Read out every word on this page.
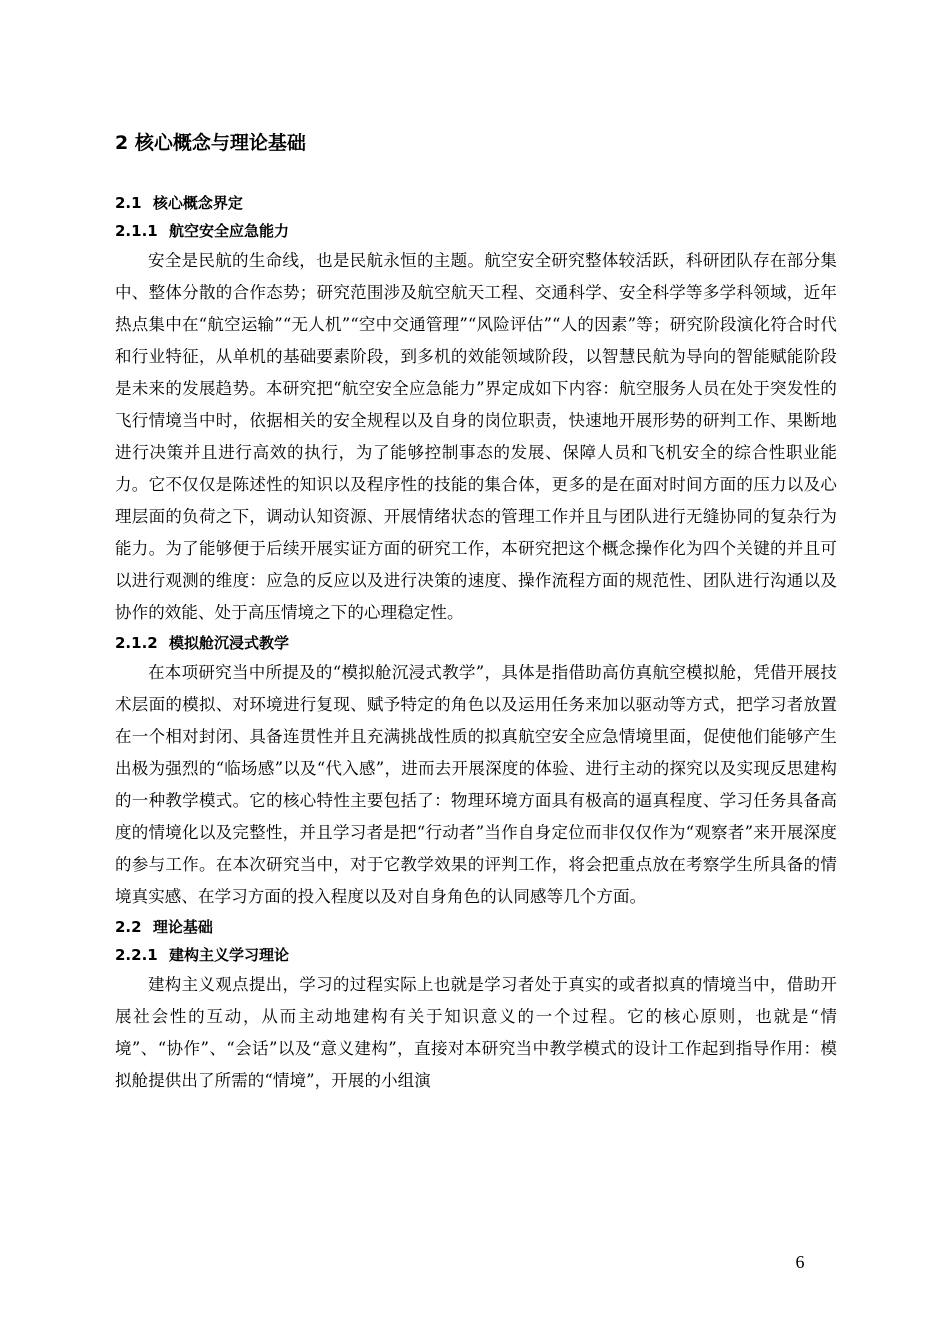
2 核心概念与理论基础
2.1 核心概念界定
2.1.1 航空安全应急能力

安全是民航的生命线，也是民航永恒的主题。航空安全研究整体较活跃，科研团队存在部分集中、整体分散的合作态势；研究范围涉及航空航天工程、交通科学、安全科学等多学科领域，近年热点集中在“航空运输”“无人机”“空中交通管理”“风险评估”“人的因素”等；研究阶段演化符合时代和行业特征，从单机的基础要素阶段，到多机的效能领域阶段，以智慧民航为导向的智能赋能阶段是未来的发展趋势。本研究把“航空安全应急能力”界定成如下内容：航空服务人员在处于突发性的飞行情境当中时，依据相关的安全规程以及自身的岗位职责，快速地开展形势的研判工作、果断地进行决策并且进行高效的执行，为了能够控制事态的发展、保障人员和飞机安全的综合性职业能力。它不仅仅是陈述性的知识以及程序性的技能的集合体，更多的是在面对时间方面的压力以及心理层面的负荷之下，调动认知资源、开展情绪状态的管理工作并且与团队进行无缝协同的复杂行为能力。为了能够便于后续开展实证方面的研究工作，本研究把这个概念操作化为四个关键的并且可以进行观测的维度：应急的反应以及进行决策的速度、操作流程方面的规范性、团队进行沟通以及协作的效能、处于高压情境之下的心理稳定性。

2.1.2 模拟舱沉浸式教学

在本项研究当中所提及的“模拟舱沉浸式教学”，具体是指借助高仿真航空模拟舱，凭借开展技术层面的模拟、对环境进行复现、赋予特定的角色以及运用任务来加以驱动等方式，把学习者放置在一个相对封闭、具备连贯性并且充满挑战性质的拟真航空安全应急情境里面，促使他们能够产生出极为强烈的“临场感”以及“代入感”，进而去开展深度的体验、进行主动的探究以及实现反思建构的一种教学模式。它的核心特性主要包括了：物理环境方面具有极高的逼真程度、学习任务具备高度的情境化以及完整性，并且学习者是把“行动者”当作自身定位而非仅仅作为“观察者”来开展深度的参与工作。在本次研究当中，对于它教学效果的评判工作，将会把重点放在考察学生所具备的情境真实感、在学习方面的投入程度以及对自身角色的认同感等几个方面。

2.2 理论基础
2.2.1 建构主义学习理论

建构主义观点提出，学习的过程实际上也就是学习者处于真实的或者拟真的情境当中，借助开展社会性的互动，从而主动地建构有关于知识意义的一个过程。它的核心原则，也就是“情境”、“协作”、“会话”以及“意义建构”，直接对本研究当中教学模式的设计工作起到指导作用：模拟舱提供出了所需的“情境”，开展的小组演

6
